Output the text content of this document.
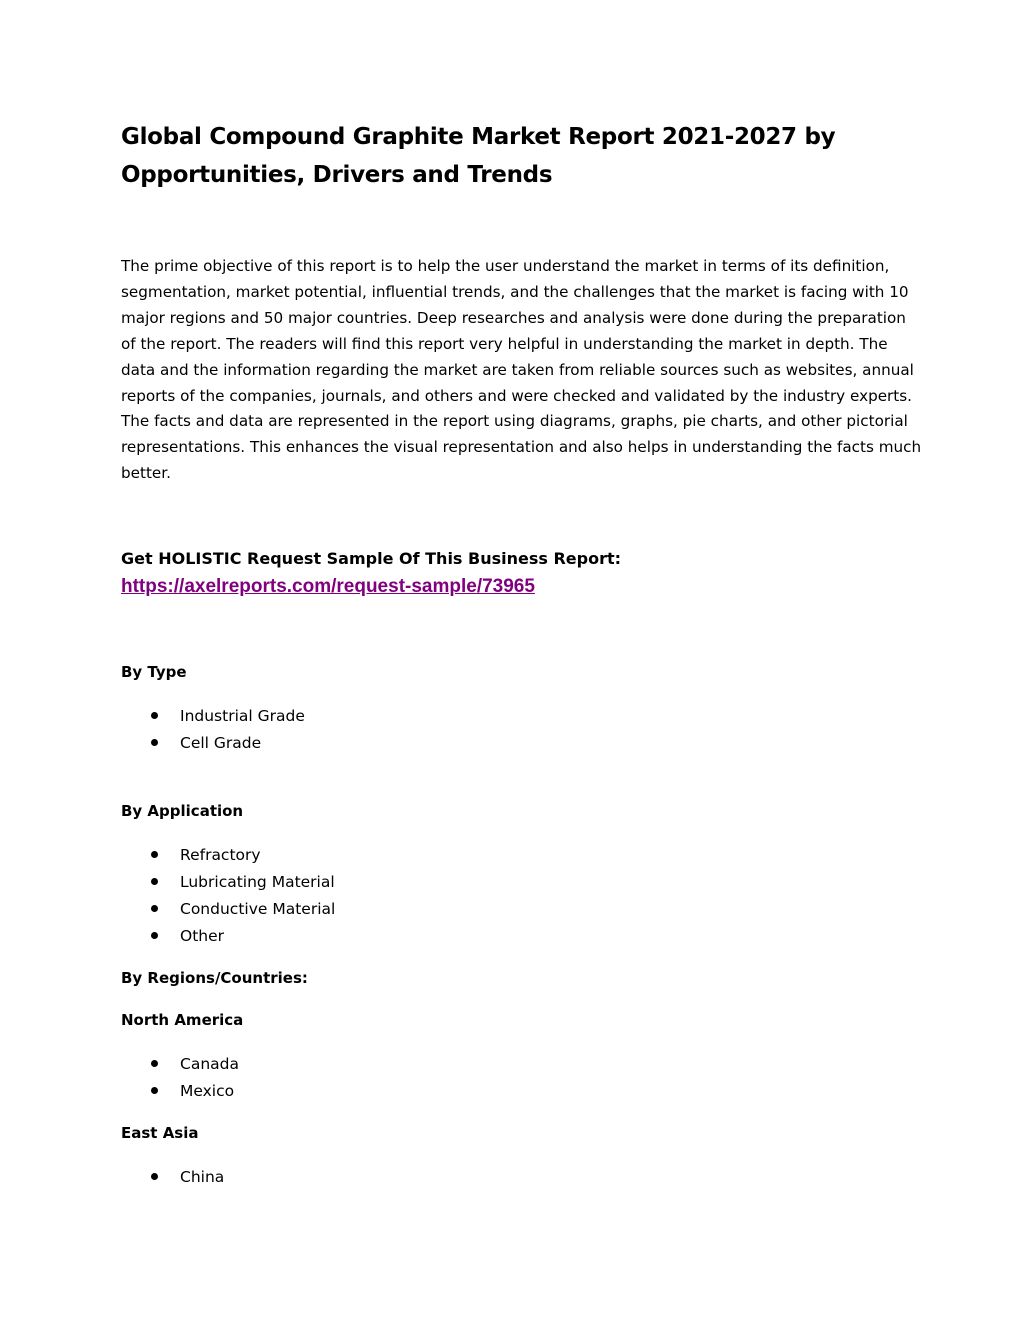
Global Compound Graphite Market Report 2021-2027 by
Opportunities, Drivers and Trends
The prime objective of this report is to help the user understand the market in terms of its definition,
segmentation, market potential, influential trends, and the challenges that the market is facing with 10
major regions and 50 major countries. Deep researches and analysis were done during the preparation
of the report. The readers will find this report very helpful in understanding the market in depth. The
data and the information regarding the market are taken from reliable sources such as websites, annual
reports of the companies, journals, and others and were checked and validated by the industry experts.
The facts and data are represented in the report using diagrams, graphs, pie charts, and other pictorial
representations. This enhances the visual representation and also helps in understanding the facts much
better.
Get HOLISTIC Request Sample Of This Business Report:
https://axelreports.com/request-sample/73965
By Type
Industrial Grade
Cell Grade
By Application
Refractory
Lubricating Material
Conductive Material
Other
By Regions/Countries:
North America
Canada
Mexico
East Asia
China
